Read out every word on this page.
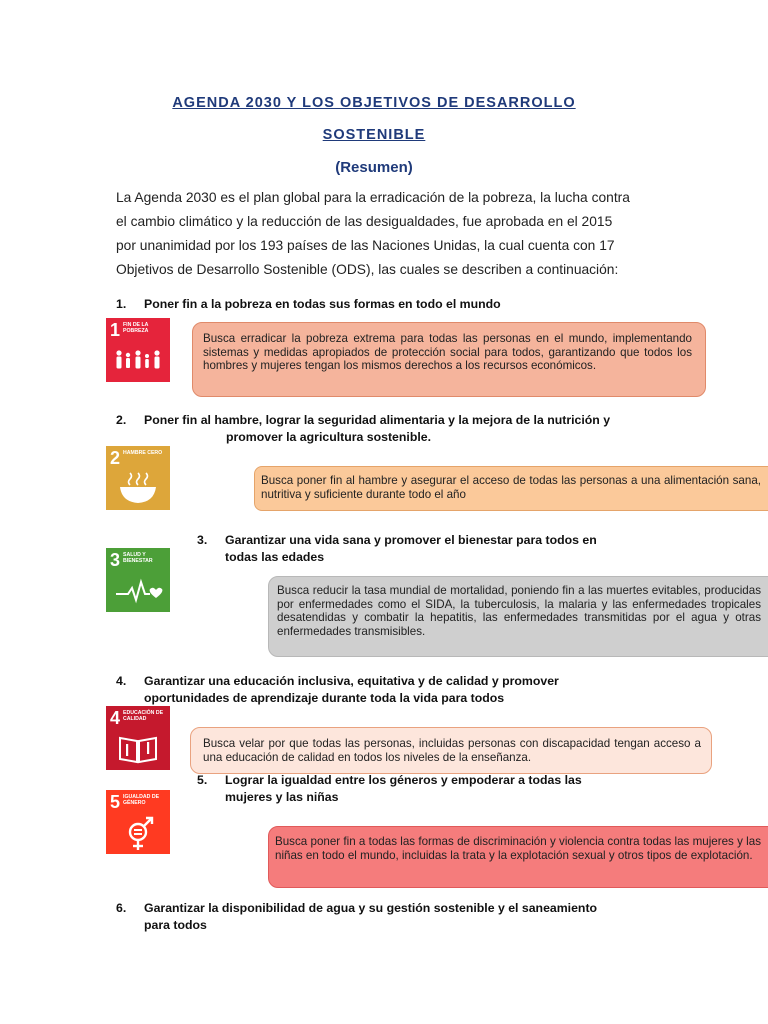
AGENDA 2030 Y LOS OBJETIVOS DE DESARROLLO
SOSTENIBLE
(Resumen)
La Agenda 2030 es el plan global para la erradicación de la pobreza, la lucha contra
el cambio climático y la reducción de las desigualdades, fue aprobada en el 2015
por unanimidad por los 193 países de las Naciones Unidas, la cual cuenta con 17
Objetivos de Desarrollo Sostenible (ODS), las cuales se describen a continuación:
1. Poner fin a la pobreza en todas sus formas en todo el mundo
1 FIN DE LA POBREZA
Busca erradicar la pobreza extrema para todas las personas en el mundo, implementando sistemas y medidas apropiados de protección social para todos, garantizando que todos los hombres y mujeres tengan los mismos derechos a los recursos económicos.
2. Poner fin al hambre, lograr la seguridad alimentaria y la mejora de la nutrición y
promover la agricultura sostenible.
2 HAMBRE CERO
Busca poner fin al hambre y asegurar el acceso de todas las personas a una alimentación sana, nutritiva y suficiente durante todo el año
3. Garantizar una vida sana y promover el bienestar para todos en
todas las edades
3 SALUD Y BIENESTAR
Busca reducir la tasa mundial de mortalidad, poniendo fin a las muertes evitables, producidas por enfermedades como el SIDA, la tuberculosis, la malaria y las enfermedades tropicales desatendidas y combatir la hepatitis, las enfermedades transmitidas por el agua y otras enfermedades transmisibles.
4. Garantizar una educación inclusiva, equitativa y de calidad y promover
oportunidades de aprendizaje durante toda la vida para todos
4 EDUCACIÓN DE CALIDAD
Busca velar por que todas las personas, incluidas personas con discapacidad tengan acceso a una educación de calidad en todos los niveles de la enseñanza.
5. Lograr la igualdad entre los géneros y empoderar a todas las
mujeres y las niñas
5 IGUALDAD DE GÉNERO
Busca poner fin a todas las formas de discriminación y violencia contra todas las mujeres y las niñas en todo el mundo, incluidas la trata y la explotación sexual y otros tipos de explotación.
6. Garantizar la disponibilidad de agua y su gestión sostenible y el saneamiento
para todos
